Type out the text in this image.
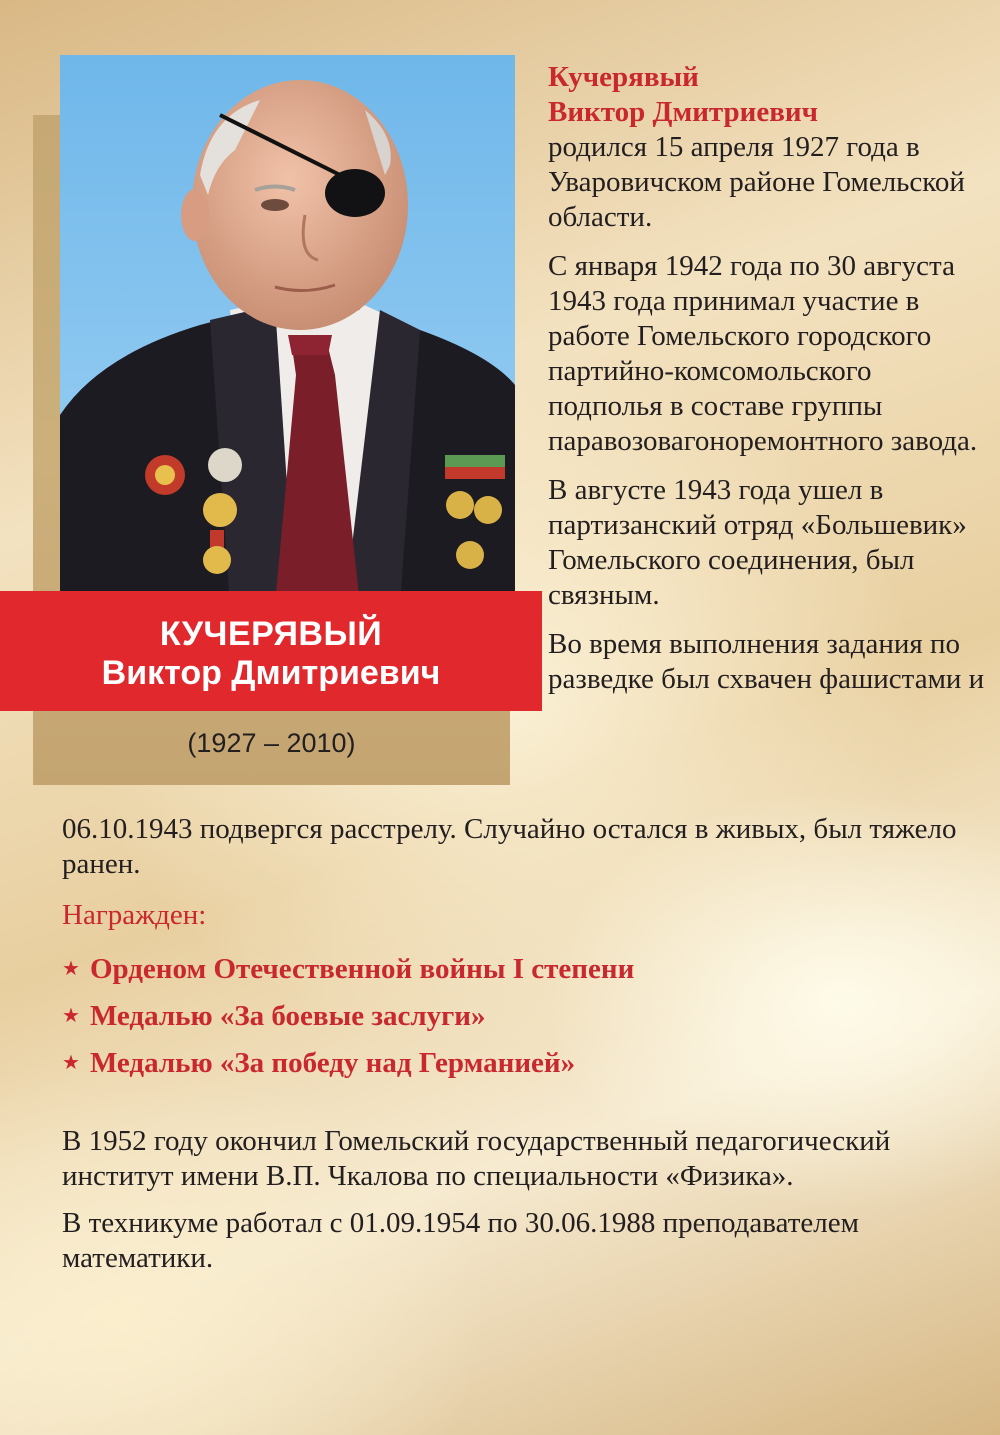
КУЧЕРЯВЫЙ
Виктор Дмитриевич
(1927 – 2010)

Кучерявый
Виктор Дмитриевич
родился 15 апреля 1927 года в Уваровичском районе Гомельской области.

С января 1942 года по 30 августа 1943 года принимал участие в работе Гомельского городского партийно-комсомольского подполья в составе группы паравозовагоноремонтного завода.

В августе 1943 года ушел в партизанский отряд «Большевик» Гомельского соединения, был связным.

Во время выполнения задания по разведке был схвачен фашистами и

06.10.1943 подвергся расстрелу. Случайно остался в живых, был тяжело ранен.
Награжден:
★ Орденом Отечественной войны I степени
★ Медалью «За боевые заслуги»
★ Медалью «За победу над Германией»

В 1952 году окончил Гомельский государственный педагогический институт имени В.П. Чкалова по специальности «Физика».

В техникуме работал с 01.09.1954 по 30.06.1988 преподавателем математики.
